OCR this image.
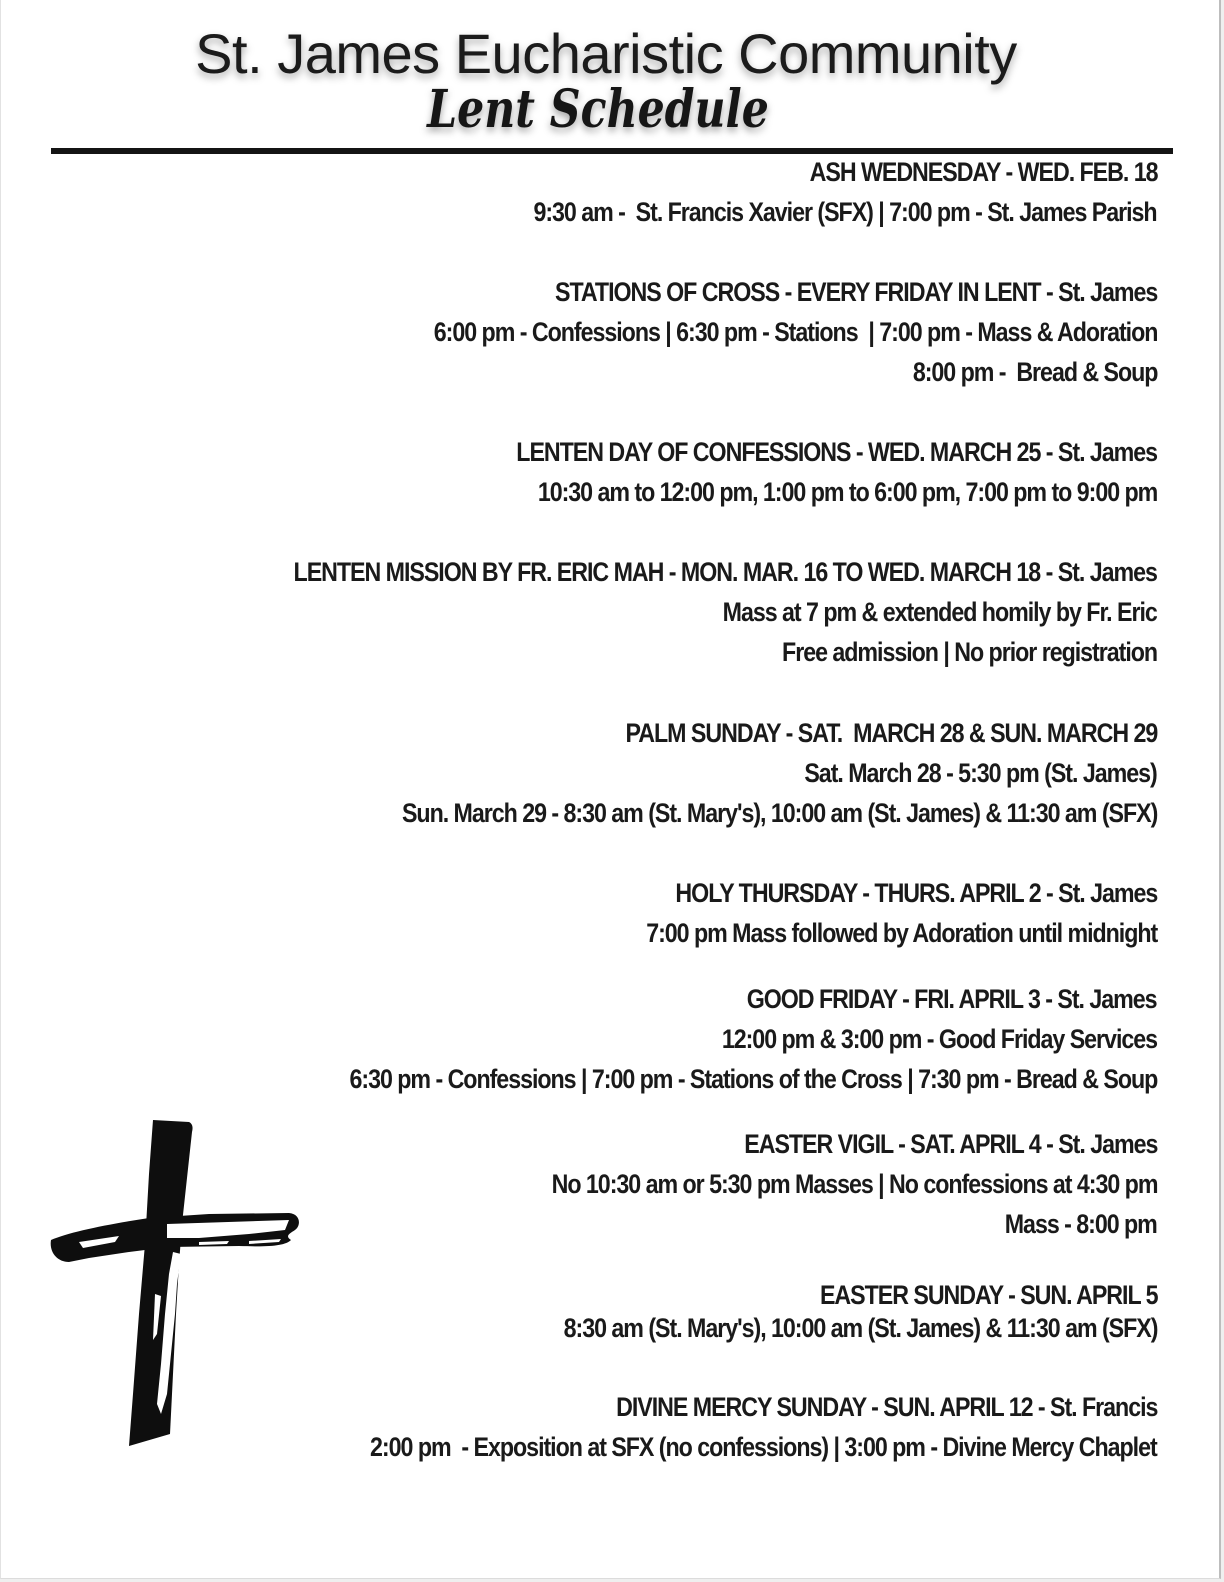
St. James Eucharistic Community
Lent Schedule
ASH WEDNESDAY - WED. FEB. 18
9:30 am -  St. Francis Xavier (SFX) | 7:00 pm - St. James Parish
STATIONS OF CROSS - EVERY FRIDAY IN LENT - St. James
6:00 pm - Confessions | 6:30 pm - Stations  | 7:00 pm - Mass & Adoration
8:00 pm -  Bread & Soup
LENTEN DAY OF CONFESSIONS - WED. MARCH 25 - St. James
10:30 am to 12:00 pm, 1:00 pm to 6:00 pm, 7:00 pm to 9:00 pm
LENTEN MISSION BY FR. ERIC MAH - MON. MAR. 16 TO WED. MARCH 18 - St. James
Mass at 7 pm & extended homily by Fr. Eric
Free admission | No prior registration
PALM SUNDAY - SAT.  MARCH 28 & SUN. MARCH 29
Sat. March 28 - 5:30 pm (St. James)
Sun. March 29 - 8:30 am (St. Mary's), 10:00 am (St. James) & 11:30 am (SFX)
HOLY THURSDAY - THURS. APRIL 2 - St. James
7:00 pm Mass followed by Adoration until midnight
GOOD FRIDAY - FRI. APRIL 3 - St. James
12:00 pm & 3:00 pm - Good Friday Services
6:30 pm - Confessions | 7:00 pm - Stations of the Cross | 7:30 pm - Bread & Soup
EASTER VIGIL - SAT. APRIL 4 - St. James
No 10:30 am or 5:30 pm Masses | No confessions at 4:30 pm
Mass - 8:00 pm
EASTER SUNDAY - SUN. APRIL 5
8:30 am (St. Mary's), 10:00 am (St. James) & 11:30 am (SFX)
DIVINE MERCY SUNDAY - SUN. APRIL 12 - St. Francis
2:00 pm  - Exposition at SFX (no confessions) | 3:00 pm - Divine Mercy Chaplet
